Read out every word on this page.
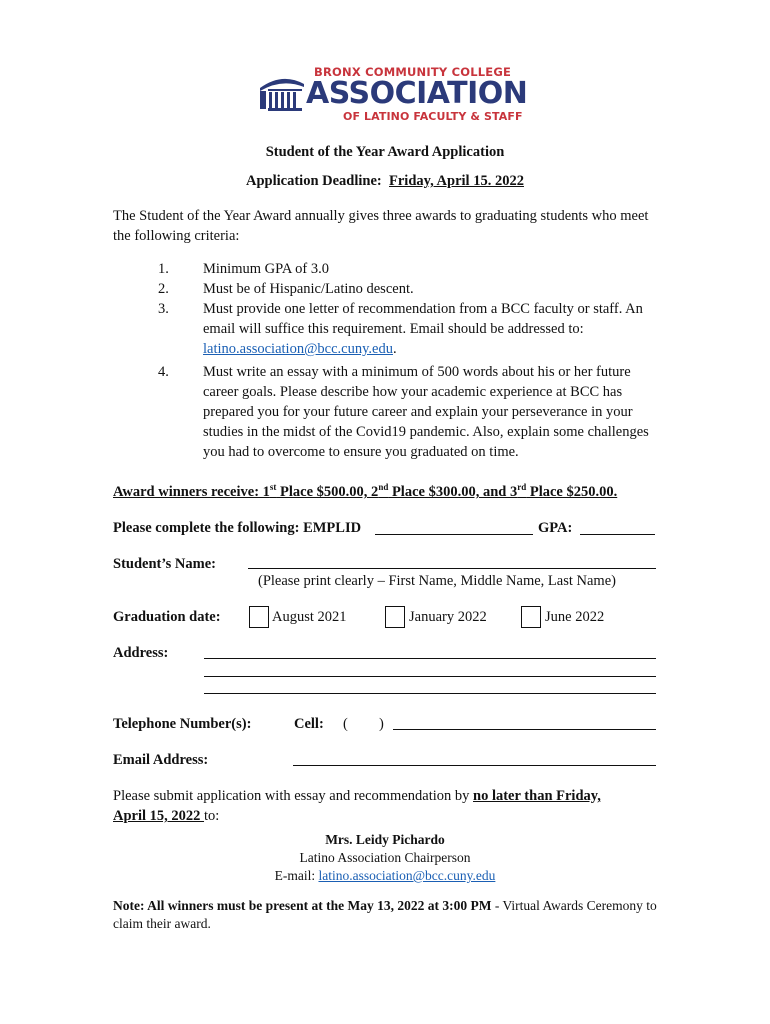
BRONX COMMUNITY COLLEGE
ASSOCIATION
OF LATINO FACULTY & STAFF
Student of the Year Award Application
Application Deadline: Friday, April 15. 2022
The Student of the Year Award annually gives three awards to graduating students who meet the following criteria:
1. Minimum GPA of 3.0
2. Must be of Hispanic/Latino descent.
3. Must provide one letter of recommendation from a BCC faculty or staff. An email will suffice this requirement. Email should be addressed to: latino.association@bcc.cuny.edu.
4. Must write an essay with a minimum of 500 words about his or her future career goals. Please describe how your academic experience at BCC has prepared you for your future career and explain your perseverance in your studies in the midst of the Covid19 pandemic. Also, explain some challenges you had to overcome to ensure you graduated on time.
Award winners receive: 1st Place $500.00, 2nd Place $300.00, and 3rd Place $250.00.
Please complete the following: EMPLID	GPA:
Student’s Name:
(Please print clearly – First Name, Middle Name, Last Name)
Graduation date:	August 2021	January 2022	June 2022
Address:
Telephone Number(s):	Cell: ( )
Email Address:
Please submit application with essay and recommendation by no later than Friday,
April 15, 2022 to:
Mrs. Leidy Pichardo
Latino Association Chairperson
E-mail: latino.association@bcc.cuny.edu
Note: All winners must be present at the May 13, 2022 at 3:00 PM - Virtual Awards Ceremony to claim their award.
